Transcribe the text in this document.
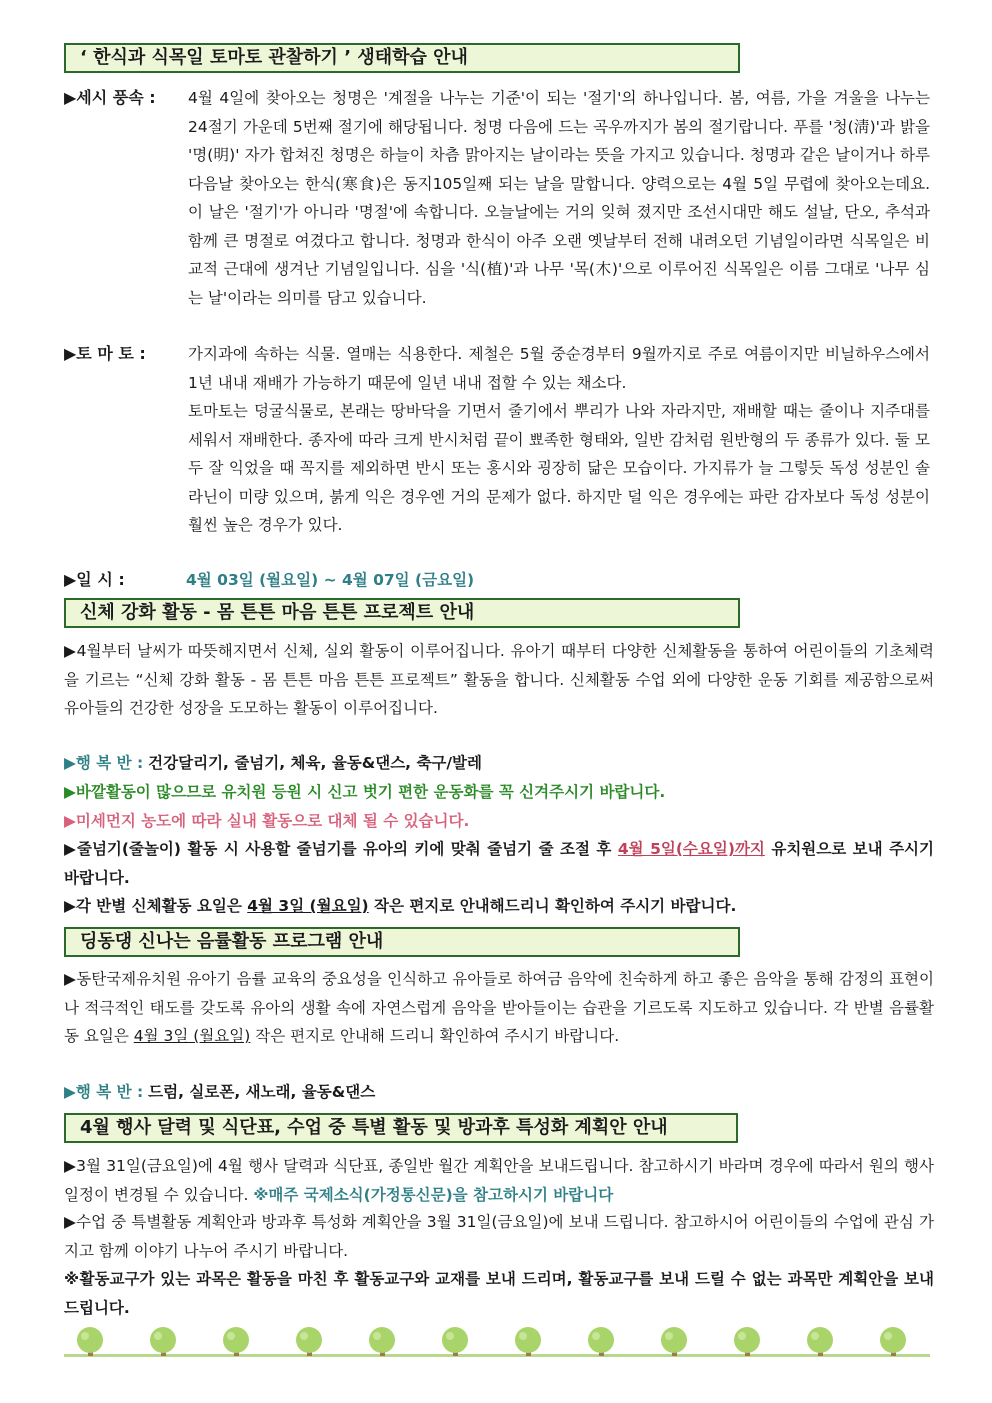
‘ 한식과 식목일 토마토 관찰하기 ’ 생태학습 안내
▶세시 풍속 : 4월 4일에 찾아오는 청명은 '계절을 나누는 기준'이 되는 '절기'의 하나입니다. 봄, 여름, 가을 겨울을 나누는 24절기 가운데 5번째 절기에 해당됩니다. 청명 다음에 드는 곡우까지가 봄의 절기랍니다. 푸를 '청(淸)'과 밝을 '명(明)' 자가 합쳐진 청명은 하늘이 차츰 맑아지는 날이라는 뜻을 가지고 있습니다. 청명과 같은 날이거나 하루 다음날 찾아오는 한식(寒食)은 동지105일째 되는 날을 말합니다. 양력으로는 4월 5일 무렵에 찾아오는데요. 이 날은 '절기'가 아니라 '명절'에 속합니다. 오늘날에는 거의 잊혀 졌지만 조선시대만 해도 설날, 단오, 추석과 함께 큰 명절로 여겼다고 합니다. 청명과 한식이 아주 오랜 옛날부터 전해 내려오던 기념일이라면 식목일은 비교적 근대에 생겨난 기념일입니다. 심을 '식(植)'과 나무 '목(木)'으로 이루어진 식목일은 이름 그대로 '나무 심는 날'이라는 의미를 담고 있습니다.
▶토 마 토 :	가지과에 속하는 식물. 열매는 식용한다. 제철은 5월 중순경부터 9월까지로 주로 여름이지만 비닐하우스에서 1년 내내 재배가 가능하기 때문에 일년 내내 접할 수 있는 채소다.
토마토는 덩굴식물로, 본래는 땅바닥을 기면서 줄기에서 뿌리가 나와 자라지만, 재배할 때는 줄이나 지주대를 세워서 재배한다. 종자에 따라 크게 반시처럼 끝이 뾰족한 형태와, 일반 감처럼 원반형의 두 종류가 있다. 둘 모두 잘 익었을 때 꼭지를 제외하면 반시 또는 홍시와 굉장히 닮은 모습이다. 가지류가 늘 그렇듯 독성 성분인 솔라닌이 미량 있으며, 붉게 익은 경우엔 거의 문제가 없다. 하지만 덜 익은 경우에는 파란 감자보다 독성 성분이 훨씬 높은 경우가 있다.
▶일 시 :	4월 03일 (월요일) ~ 4월 07일 (금요일)
신체 강화 활동 - 몸 튼튼 마음 튼튼 프로젝트 안내
▶4월부터 날씨가 따뜻해지면서 신체, 실외 활동이 이루어집니다. 유아기 때부터 다양한 신체활동을 통하여 어린이들의 기초체력을 기르는 “신체 강화 활동 - 몸 튼튼 마음 튼튼 프로젝트” 활동을 합니다. 신체활동 수업 외에 다양한 운동 기회를 제공함으로써 유아들의 건강한 성장을 도모하는 활동이 이루어집니다.
▶행 복 반 : 건강달리기, 줄넘기, 체육, 율동&댄스, 축구/발레
▶바깥활동이 많으므로 유치원 등원 시 신고 벗기 편한 운동화를 꼭 신겨주시기 바랍니다.
▶미세먼지 농도에 따라 실내 활동으로 대체 될 수 있습니다.
▶줄넘기(줄놀이) 활동 시 사용할 줄넘기를 유아의 키에 맞춰 줄넘기 줄 조절 후 4월 5일(수요일)까지 유치원으로 보내 주시기 바랍니다.
▶각 반별 신체활동 요일은 4월 3일 (월요일) 작은 편지로 안내해드리니 확인하여 주시기 바랍니다.
딩동댕 신나는 음률활동 프로그램 안내
▶동탄국제유치원 유아기 음률 교육의 중요성을 인식하고 유아들로 하여금 음악에 친숙하게 하고 좋은 음악을 통해 감정의 표현이나 적극적인 태도를 갖도록 유아의 생활 속에 자연스럽게 음악을 받아들이는 습관을 기르도록 지도하고 있습니다. 각 반별 음률활동 요일은 4월 3일 (월요일) 작은 편지로 안내해 드리니 확인하여 주시기 바랍니다.
▶행 복 반 : 드럼, 실로폰, 새노래, 율동&댄스
4월 행사 달력 및 식단표, 수업 중 특별 활동 및 방과후 특성화 계획안 안내
▶3월 31일(금요일)에 4월 행사 달력과 식단표, 종일반 월간 계획안을 보내드립니다. 참고하시기 바라며 경우에 따라서 원의 행사 일정이 변경될 수 있습니다. ※매주 국제소식(가정통신문)을 참고하시기 바랍니다
▶수업 중 특별활동 계획안과 방과후 특성화 계획안을 3월 31일(금요일)에 보내 드립니다. 참고하시어 어린이들의 수업에 관심 가지고 함께 이야기 나누어 주시기 바랍니다.
※활동교구가 있는 과목은 활동을 마친 후 활동교구와 교재를 보내 드리며, 활동교구를 보내 드릴 수 없는 과목만 계획안을 보내 드립니다.
